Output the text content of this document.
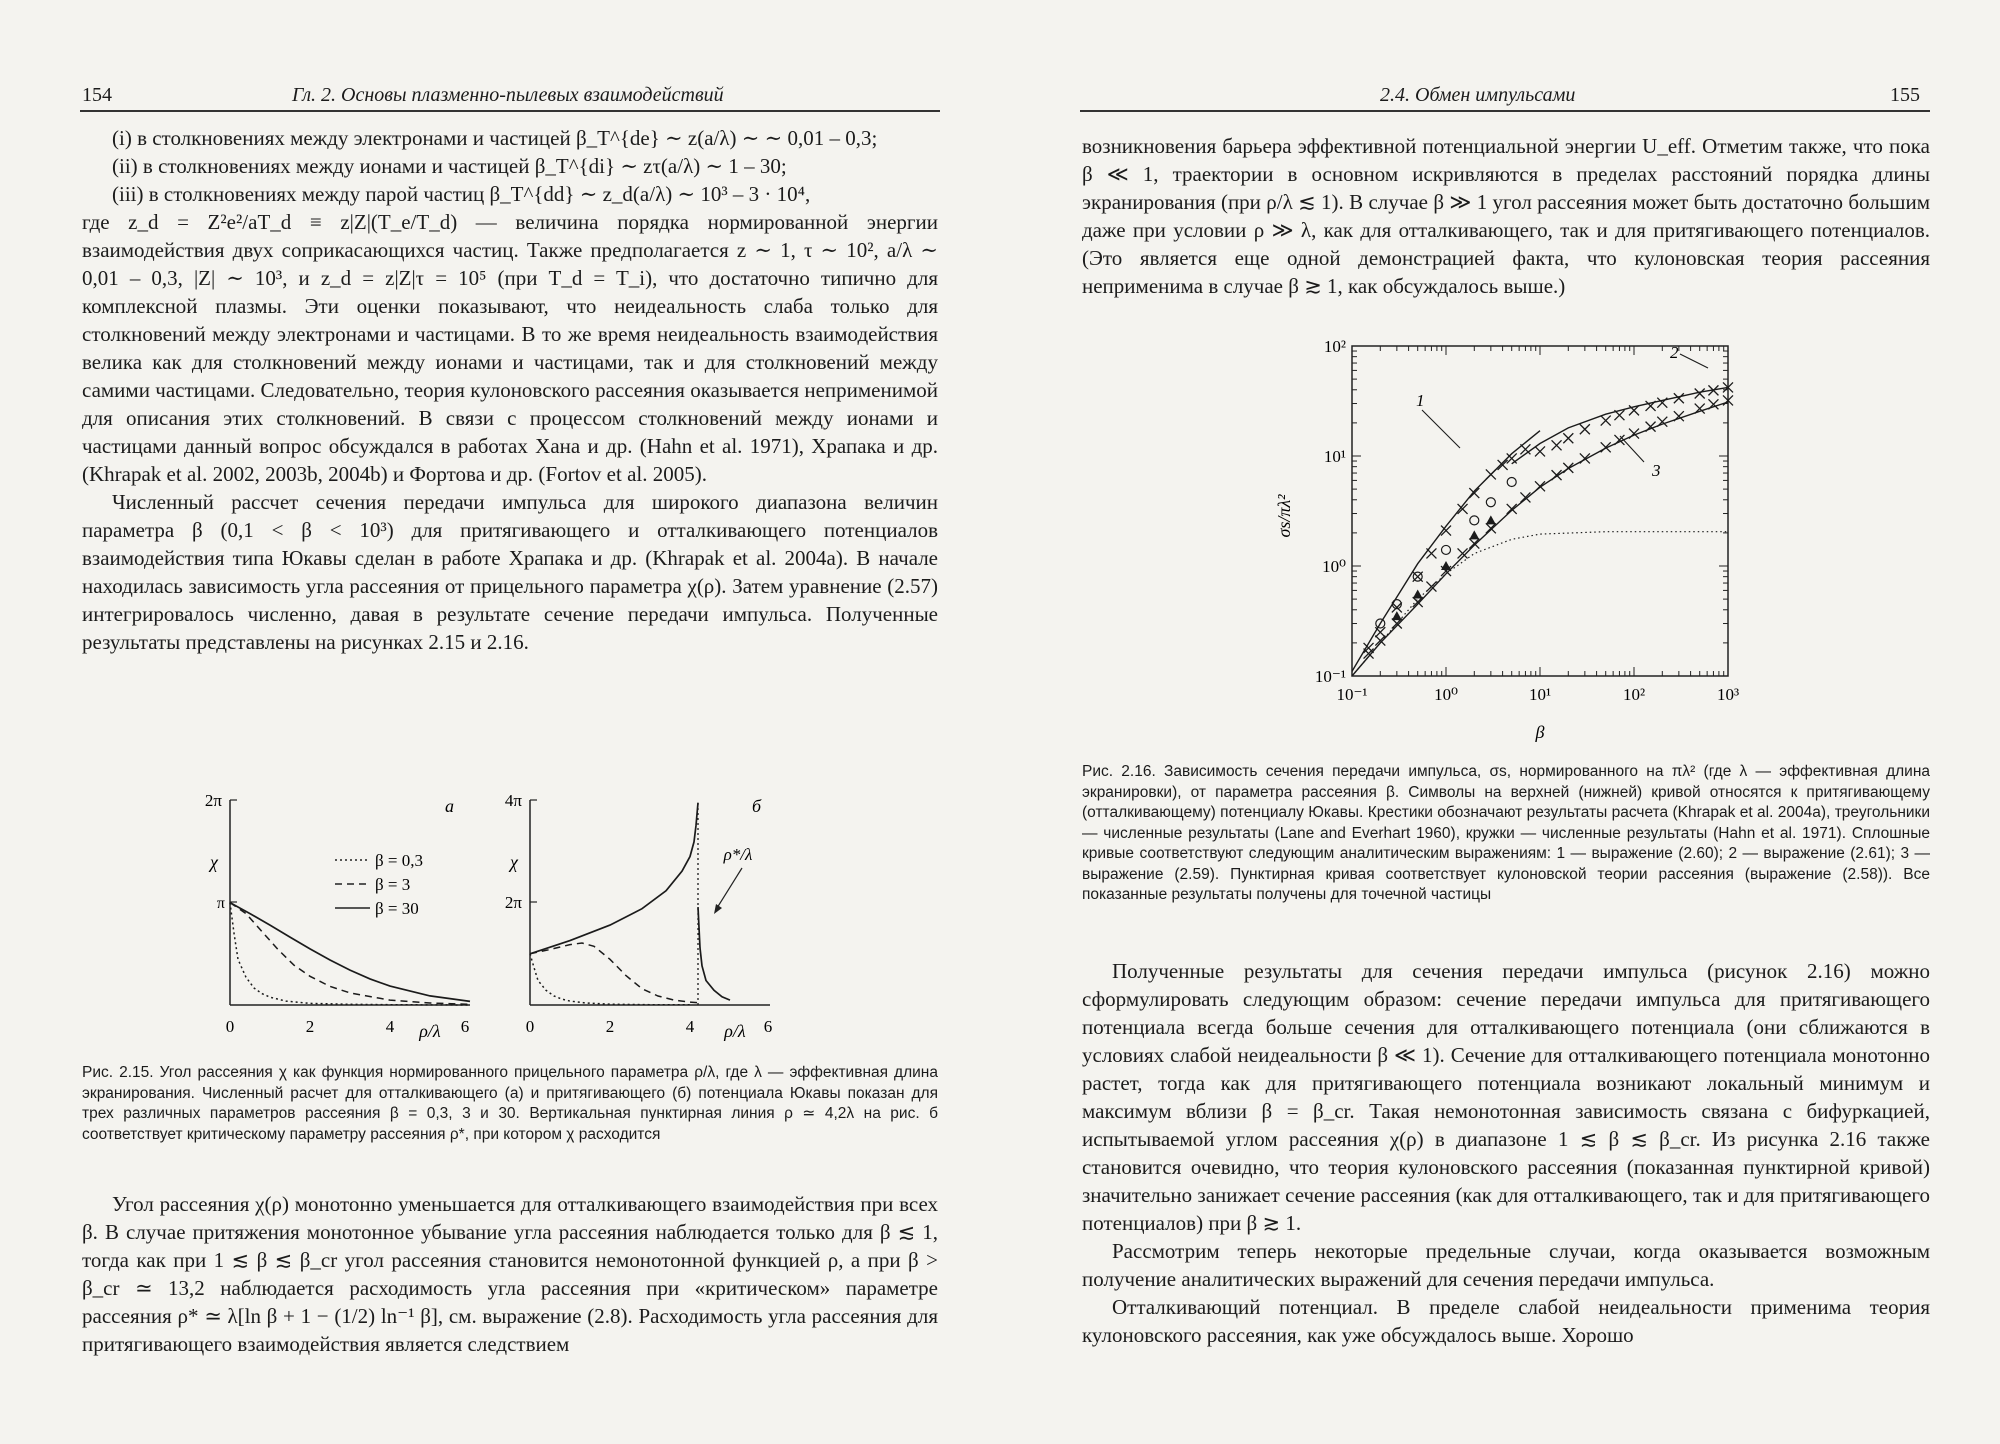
154	Гл. 2. Основы плазменно-пылевых взаимодействий

(i) в столкновениях между электронами и частицей β_T^{de} ∼ z(a/λ) ∼ ∼ 0,01 – 0,3;

(ii) в столкновениях между ионами и частицей β_T^{di} ∼ zτ(a/λ) ∼ 1 – 30;

(iii) в столкновениях между парой частиц β_T^{dd} ∼ z_d(a/λ) ∼ 10³ – 3 · 10⁴,

где z_d = Z²e²/aT_d ≡ z|Z|(T_e/T_d) — величина порядка нормированной энергии взаимодействия двух соприкасающихся частиц. Также предполагается z ∼ 1, τ ∼ 10², a/λ ∼ 0,01 – 0,3, |Z| ∼ 10³, и z_d = z|Z|τ = 10⁵ (при T_d = T_i), что достаточно типично для комплексной плазмы. Эти оценки показывают, что неидеальность слаба только для столкновений между электронами и частицами. В то же время неидеальность взаимодействия велика как для столкновений между ионами и частицами, так и для столкновений между самими частицами. Следовательно, теория кулоновского рассеяния оказывается неприменимой для описания этих столкновений. В связи с процессом столкновений между ионами и частицами данный вопрос обсуждался в работах Хана и др. (Hahn et al. 1971), Храпака и др. (Khrapak et al. 2002, 2003b, 2004b) и Фортова и др. (Fortov et al. 2005).

Численный рассчет сечения передачи импульса для широкого диапазона величин параметра β (0,1 < β < 10³) для притягивающего и отталкивающего потенциалов взаимодействия типа Юкавы сделан в работе Храпака и др. (Khrapak et al. 2004a). В начале находилась зависимость угла рассеяния от прицельного параметра χ(ρ). Затем уравнение (2.57) интегрировалось численно, давая в результате сечение передачи импульса. Полученные результаты представлены на рисунках 2.15 и 2.16.

2π
π
χ
а
0	2	4	6
ρ/λ
β = 0,3
β = 3
β = 30
4π
2π
χ
б
0	2	4	6
ρ/λ
ρ*/λ
Рис. 2.15. Угол рассеяния χ как функция нормированного прицельного параметра ρ/λ, где λ — эффективная длина экранирования. Численный расчет для отталкивающего (а) и притягивающего (б) потенциала Юкавы показан для трех различных параметров рассеяния β = 0,3, 3 и 30. Вертикальная пунктирная линия ρ ≃ 4,2λ на рис. б соответствует критическому параметру рассеяния ρ*, при котором χ расходится

Угол рассеяния χ(ρ) монотонно уменьшается для отталкивающего взаимодействия при всех β. В случае притяжения монотонное убывание угла рассеяния наблюдается только для β ≲ 1, тогда как при 1 ≲ β ≲ β_cr угол рассеяния становится немонотонной функцией ρ, а при β > β_cr ≃ 13,2 наблюдается расходимость угла рассеяния при «критическом» параметре рассеяния ρ* ≃ λ[ln β + 1 − (1/2) ln⁻¹ β], см. выражение (2.8). Расходимость угла рассеяния для притягивающего взаимодействия является следствием

2.4. Обмен импульсами	155

возникновения барьера эффективной потенциальной энергии U_eff. Отметим также, что пока β ≪ 1, траектории в основном искривляются в пределах расстояний порядка длины экранирования (при ρ/λ ≲ 1). В случае β ≫ 1 угол рассеяния может быть достаточно большим даже при условии ρ ≫ λ, как для отталкивающего, так и для притягивающего потенциалов. (Это является еще одной демонстрацией факта, что кулоновская теория рассеяния неприменима в случае β ≳ 1, как обсуждалось выше.)

σs/πλ²
β
10⁻¹	10⁰	10¹	10²	10³
10⁻¹
10⁰
10¹
10²
1
2
3
Рис. 2.16. Зависимость сечения передачи импульса, σs, нормированного на πλ² (где λ — эффективная длина экранировки), от параметра рассеяния β. Символы на верхней (нижней) кривой относятся к притягивающему (отталкивающему) потенциалу Юкавы. Крестики обозначают результаты расчета (Khrapak et al. 2004a), треугольники — численные результаты (Lane and Everhart 1960), кружки — численные результаты (Hahn et al. 1971). Сплошные кривые соответствуют следующим аналитическим выражениям: 1 — выражение (2.60); 2 — выражение (2.61); 3 — выражение (2.59). Пунктирная кривая соответствует кулоновской теории рассеяния (выражение (2.58)). Все показанные результаты получены для точечной частицы

Полученные результаты для сечения передачи импульса (рисунок 2.16) можно сформулировать следующим образом: сечение передачи импульса для притягивающего потенциала всегда больше сечения для отталкивающего потенциала (они сближаются в условиях слабой неидеальности β ≪ 1). Сечение для отталкивающего потенциала монотонно растет, тогда как для притягивающего потенциала возникают локальный минимум и максимум вблизи β = β_cr. Такая немонотонная зависимость связана с бифуркацией, испытываемой углом рассеяния χ(ρ) в диапазоне 1 ≲ β ≲ β_cr. Из рисунка 2.16 также становится очевидно, что теория кулоновского рассеяния (показанная пунктирной кривой) значительно занижает сечение рассеяния (как для отталкивающего, так и для притягивающего потенциалов) при β ≳ 1.

Рассмотрим теперь некоторые предельные случаи, когда оказывается возможным получение аналитических выражений для сечения передачи импульса.

Отталкивающий потенциал. В пределе слабой неидеальности применима теория кулоновского рассеяния, как уже обсуждалось выше. Хорошо
